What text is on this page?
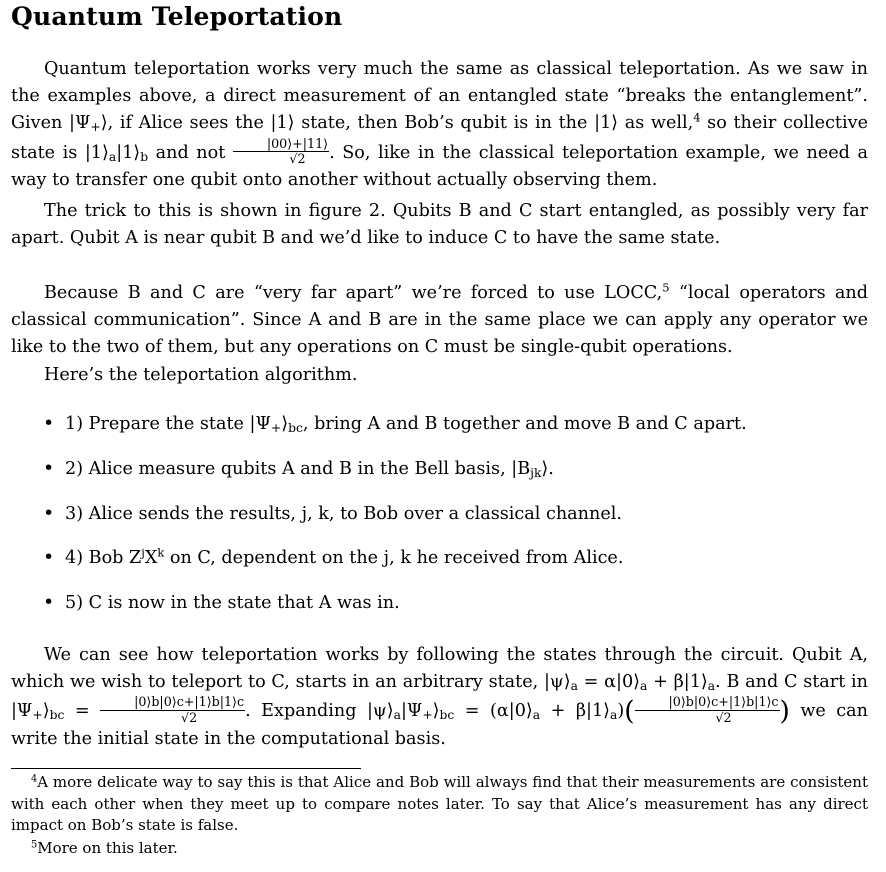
Quantum Teleportation
Quantum teleportation works very much the same as classical teleportation. As we saw in the examples above, a direct measurement of an entangled state “breaks the entanglement”. Given $|\Psi_+⟩$, if Alice sees the |1⟩ state, then Bob’s qubit is in the |1⟩ as well,$^4$ so their collective state is $|1⟩_a|1⟩_b$ and not $\frac{|00⟩+|11⟩}{√2}$ . So, like in the classical teleportation example, we need a way to transfer one qubit onto another without actually observing them.
The trick to this is shown in figure 2. Qubits B and C start entangled, as possibly very far apart. Qubit A is near qubit B and we’d like to induce C to have the same state.
Because B and C are “very far apart” we’re forced to use LOCC,$^5$ “local operators and classical communication”. Since A and B are in the same place we can apply any operator we like to the two of them, but any operations on C must be single-qubit operations.
Here’s the teleportation algorithm.
• 1) Prepare the state $|\Psi_+⟩_{bc}$, bring A and B together and move B and C apart.
• 2) Alice measure qubits A and B in the Bell basis, $|B_{jk}⟩$.
• 3) Alice sends the results, j, k, to Bob over a classical channel.
• 4) Bob $Z^jX^k$ on C, dependent on the j, k he received from Alice.
• 5) C is now in the state that A was in.
We can see how teleportation works by following the states through the circuit. Qubit A, which we wish to teleport to C, starts in an arbitrary state, $|\psi⟩_a$ = $\alpha|0⟩_a$ + $\beta|1⟩_a$. B and C start in $|\Psi_+⟩_{bc} = \frac{|0⟩b|0⟩c+|1⟩b|1⟩c}{√2}$ . Expanding $|\psi⟩_a|\Psi_+⟩_{bc}$ = ($\alpha|0⟩_a$ + $\beta|1⟩_a)( \frac{|0⟩b|0⟩c+|1⟩b|1⟩c}{√2}$ ) we can write the initial state in the computational basis.
$^4$A more delicate way to say this is that Alice and Bob will always find that their measurements are consistent with each other when they meet up to compare notes later. To say that Alice’s measurement has any direct impact on Bob’s state is false.
$^5$More on this later.
